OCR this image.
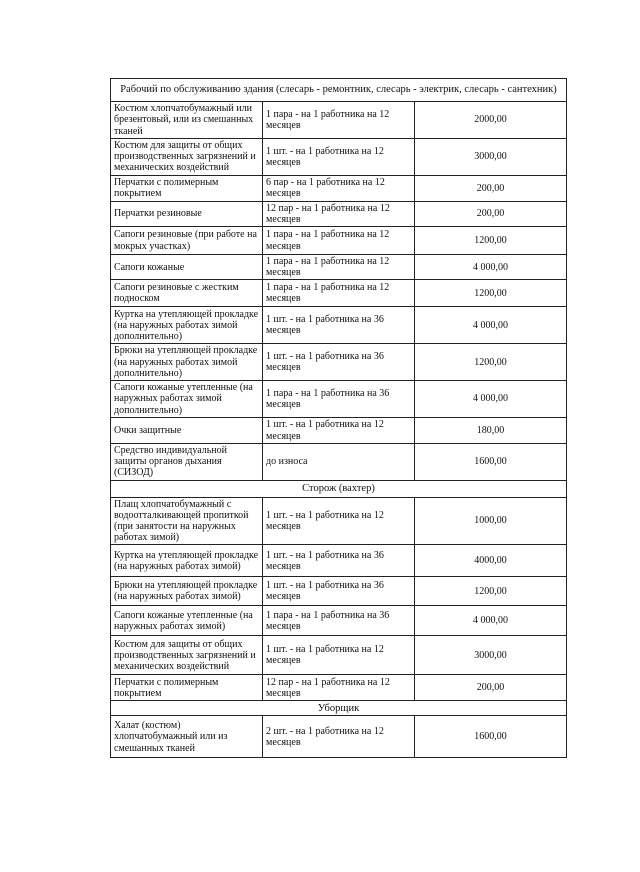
Рабочий по обслуживанию здания (слесарь - ремонтник, слесарь - электрик, слесарь - сантехник)		
Костюм хлопчатобумажный или брезентовый, или из смешанных тканей	1 пара - на 1 работника на 12 месяцев	2000,00
Костюм для защиты от общих производственных загрязнений и механических воздействий	1 шт. - на 1 работника на 12 месяцев	3000,00
Перчатки с полимерным покрытием	6 пар - на 1 работника на 12 месяцев	200,00
Перчатки резиновые	12 пар - на 1 работника на 12 месяцев	200,00
Сапоги резиновые (при работе на мокрых участках)	1 пара - на 1 работника на 12 месяцев	1200,00
Сапоги кожаные	1 пара - на 1 работника на 12 месяцев	4 000,00
Сапоги резиновые с жестким подноском	1 пара - на 1 работника на 12 месяцев	1200,00
Куртка на утепляющей прокладке (на наружных работах зимой дополнительно)	1 шт. - на 1 работника на 36 месяцев	4 000,00
Брюки на утепляющей прокладке (на наружных работах зимой дополнительно)	1 шт. - на 1 работника на 36 месяцев	1200,00
Сапоги кожаные утепленные (на наружных работах зимой дополнительно)	1 пара - на 1 работника на 36 месяцев	4 000,00
Очки защитные	1 шт. - на 1 работника на 12 месяцев	180,00
Средство индивидуальной защиты органов дыхания (СИЗОД)	до износа	1600,00
Сторож (вахтер)		
Плащ хлопчатобумажный с водоотталкивающей пропиткой (при занятости на наружных работах зимой)	1 шт. - на 1 работника на 12 месяцев	1000,00
Куртка на утепляющей прокладке (на наружных работах зимой)	1 шт. - на 1 работника на 36 месяцев	4000,00
Брюки на утепляющей прокладке (на наружных работах зимой)	1 шт. - на 1 работника на 36 месяцев	1200,00
Сапоги кожаные утепленные (на наружных работах зимой)	1 пара - на 1 работника на 36 месяцев	4 000,00
Костюм для защиты от общих производственных загрязнений и механических воздействий	1 шт. - на 1 работника на 12 месяцев	3000,00
Перчатки с полимерным покрытием	12 пар - на 1 работника на 12 месяцев	200,00
Уборщик		
Халат (костюм) хлопчатобумажный или из смешанных тканей	2 шт. - на 1 работника на 12 месяцев	1600,00
